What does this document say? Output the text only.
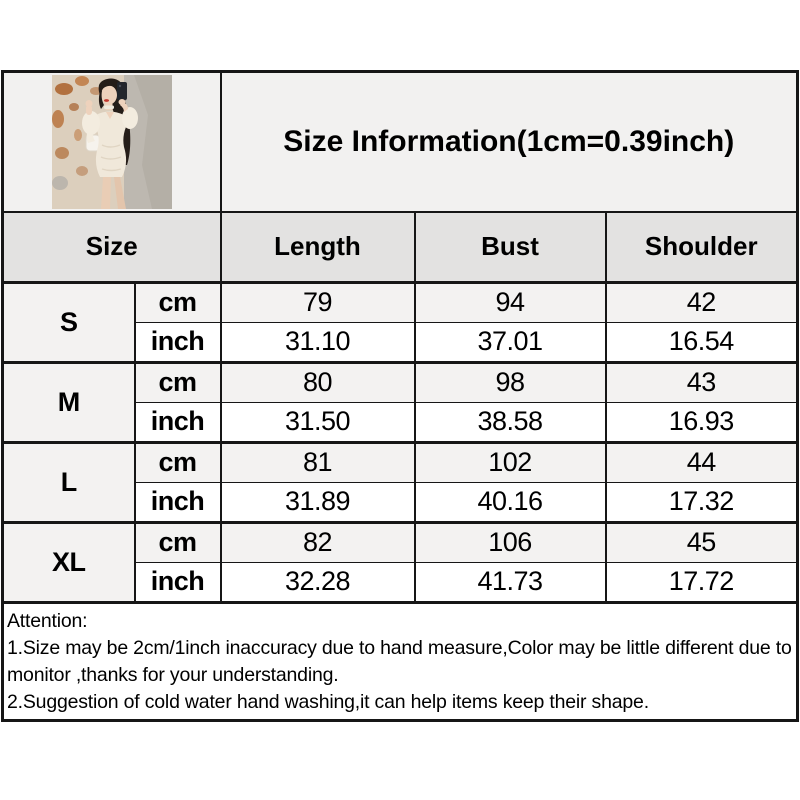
	Size Information(1cm=0.39inch)		
Size		Length	Bust	Shoulder
S	cm	79	94	42
	inch	31.10	37.01	16.54
M	cm	80	98	43
	inch	31.50	38.58	16.93
L	cm	81	102	44
	inch	31.89	40.16	17.32
XL	cm	82	106	45
	inch	32.28	41.73	17.72

Attention:
1.Size may be 2cm/1inch inaccuracy due to hand measure,Color may be little different due to monitor ,thanks for your understanding.
2.Suggestion of cold water hand washing,it can help items keep their shape.				
